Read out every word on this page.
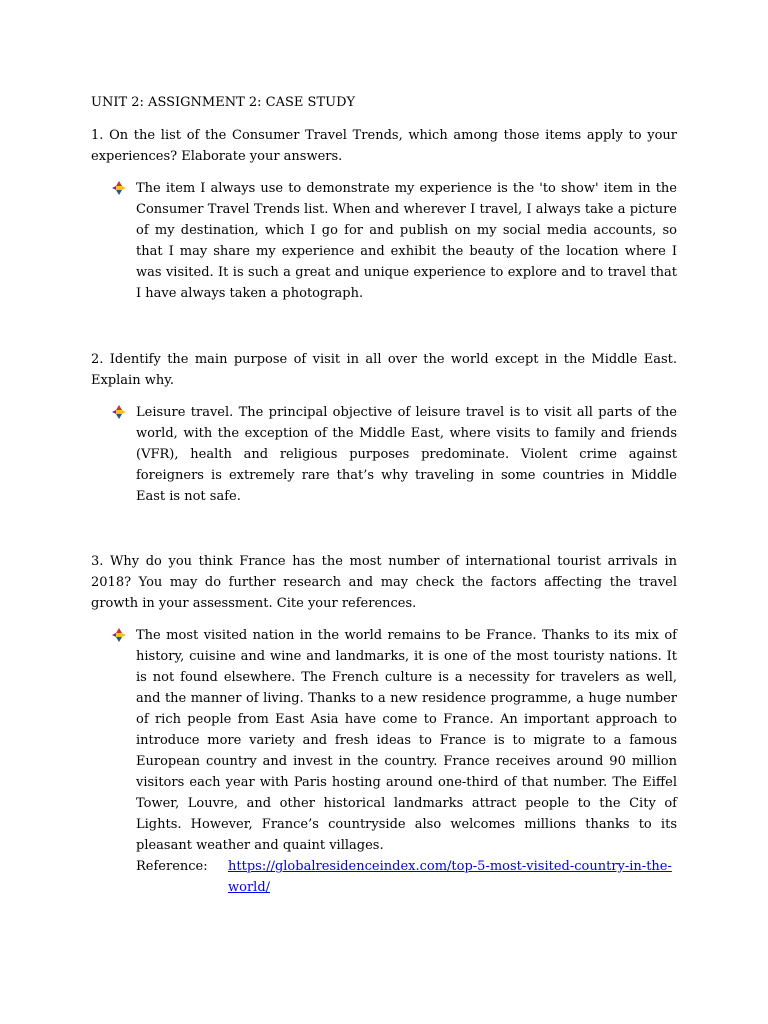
UNIT 2: ASSIGNMENT 2: CASE STUDY

1. On the list of the Consumer Travel Trends, which among those items apply to your experiences? Elaborate your answers.

The item I always use to demonstrate my experience is the 'to show' item in the Consumer Travel Trends list. When and wherever I travel, I always take a picture of my destination, which I go for and publish on my social media accounts, so that I may share my experience and exhibit the beauty of the location where I was visited. It is such a great and unique experience to explore and to travel that I have always taken a photograph.

2. Identify the main purpose of visit in all over the world except in the Middle East. Explain why.

Leisure travel. The principal objective of leisure travel is to visit all parts of the world, with the exception of the Middle East, where visits to family and friends (VFR), health and religious purposes predominate. Violent crime against foreigners is extremely rare that’s why traveling in some countries in Middle East is not safe.

3. Why do you think France has the most number of international tourist arrivals in 2018? You may do further research and may check the factors affecting the travel growth in your assessment. Cite your references.

The most visited nation in the world remains to be France. Thanks to its mix of history, cuisine and wine and landmarks, it is one of the most touristy nations. It is not found elsewhere. The French culture is a necessity for travelers as well, and the manner of living. Thanks to a new residence programme, a huge number of rich people from East Asia have come to France. An important approach to introduce more variety and fresh ideas to France is to migrate to a famous European country and invest in the country. France receives around 90 million visitors each year with Paris hosting around one-third of that number. The Eiffel Tower, Louvre, and other historical landmarks attract people to the City of Lights. However, France’s countryside also welcomes millions thanks to its pleasant weather and quaint villages.
Reference:	https://globalresidenceindex.com/top-5-most-visited-country-in-the-world/
